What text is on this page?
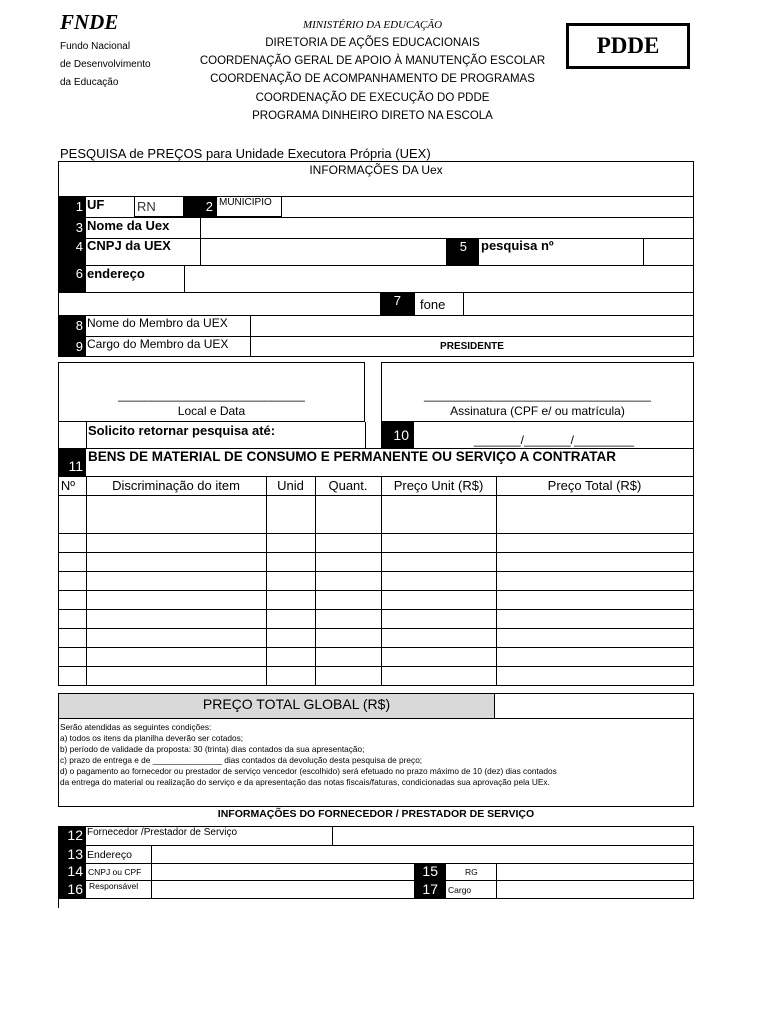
FNDE
Fundo Nacional
de Desenvolvimento
da Educação
MINISTÉRIO DA EDUCAÇÃO
DIRETORIA DE AÇÕES EDUCACIONAIS
COORDENAÇÃO GERAL DE APOIO À MANUTENÇÃO ESCOLAR
COORDENAÇÃO DE ACOMPANHAMENTO DE PROGRAMAS
COORDENAÇÃO DE EXECUÇÃO DO PDDE
PROGRAMA DINHEIRO DIRETO NA ESCOLA
PDDE
PESQUISA de PREÇOS para Unidade Executora Própria (UEX)
INFORMAÇÕES DA Uex
1 UF	RN	2 MUNICIPIO
3 Nome da Uex
4 CNPJ da UEX	5	pesquisa nº
6 endereço
7	fone
8 Nome do Membro da UEX
9 Cargo do Membro da UEX	PRESIDENTE
____________________________
Local e Data
__________________________________
Assinatura (CPF e/ ou matrícula)
Solicito retornar pesquisa até:	10	_______/_______/_________
11
BENS DE MATERIAL DE CONSUMO E PERMANENTE OU SERVIÇO A CONTRATAR
Nº	Discriminação do item	Unid	Quant.	Preço Unit (R$)	Preço Total (R$)
PREÇO TOTAL GLOBAL (R$)
Serão atendidas as seguintes condições:
a) todos os itens da planilha deverão ser cotados;
b) período de validade da proposta: 30 (trinta) dias contados da sua apresentação;
c) prazo de entrega e de _______________ dias contados da devolução desta pesquisa de preço;
d) o pagamento ao fornecedor ou prestador de serviço vencedor (escolhido) será efetuado no prazo máximo de 10 (dez) dias contados
da entrega do material ou realização do serviço e da apresentação das notas fiscais/faturas, condicionadas sua aprovação pela UEx.
INFORMAÇÕES DO FORNECEDOR / PRESTADOR DE SERVIÇO
12 Fornecedor /Prestador de Serviço
13 Endereço
14 CNPJ ou CPF	15	RG
16 Responsável	17	Cargo
